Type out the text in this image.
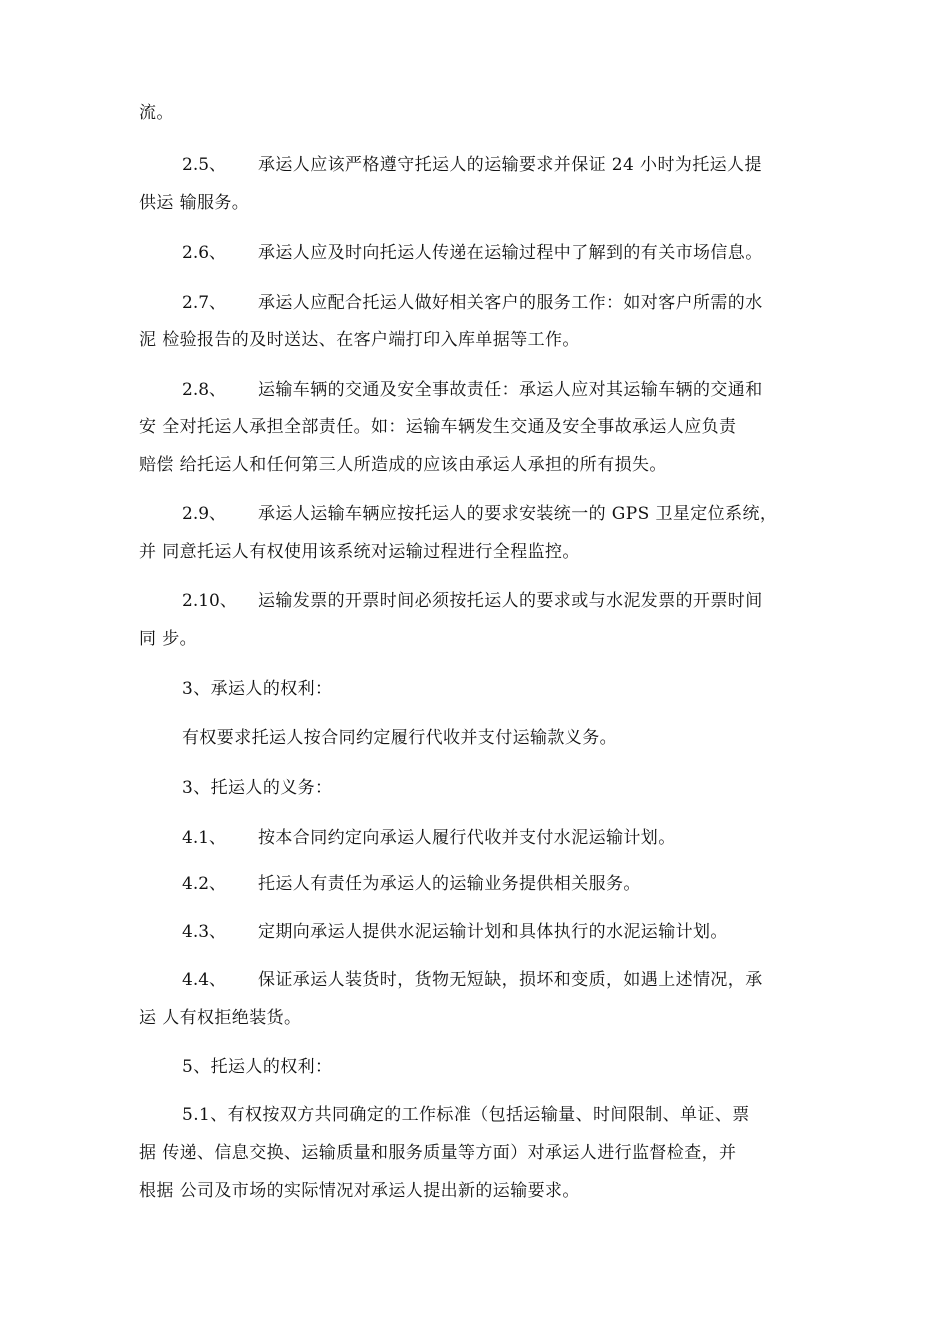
流。
2.5、 承运人应该严格遵守托运人的运输要求并保证 24 小时为托运人提
供运 输服务。
2.6、 承运人应及时向托运人传递在运输过程中了解到的有关市场信息。
2.7、 承运人应配合托运人做好相关客户的服务工作：如对客户所需的水
泥 检验报告的及时送达、在客户端打印入库单据等工作。
2.8、 运输车辆的交通及安全事故责任：承运人应对其运输车辆的交通和
安 全对托运人承担全部责任。如：运输车辆发生交通及安全事故承运人应负责
赔偿 给托运人和任何第三人所造成的应该由承运人承担的所有损失。
2.9、 承运人运输车辆应按托运人的要求安装统一的 GPS 卫星定位系统，
并 同意托运人有权使用该系统对运输过程进行全程监控。
2.10、 运输发票的开票时间必须按托运人的要求或与水泥发票的开票时间
同 步。
3、承运人的权利：
有权要求托运人按合同约定履行代收并支付运输款义务。
3、托运人的义务：
4.1、 按本合同约定向承运人履行代收并支付水泥运输计划。
4.2、 托运人有责任为承运人的运输业务提供相关服务。
4.3、 定期向承运人提供水泥运输计划和具体执行的水泥运输计划。
4.4、 保证承运人装货时，货物无短缺，损坏和变质，如遇上述情况，承
运 人有权拒绝装货。
5、托运人的权利：
5.1、有权按双方共同确定的工作标准（包括运输量、时间限制、单证、票
据 传递、信息交换、运输质量和服务质量等方面）对承运人进行监督检查，并
根据 公司及市场的实际情况对承运人提出新的运输要求。
